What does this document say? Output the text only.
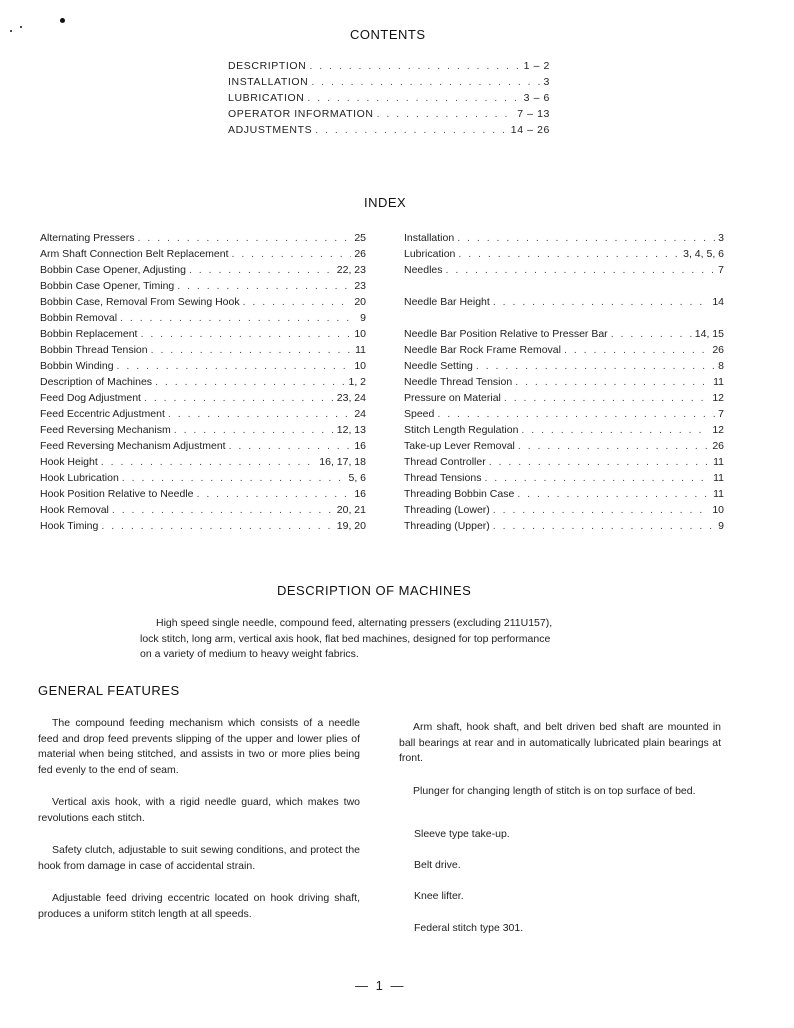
CONTENTS
DESCRIPTION . . .	1 – 2
INSTALLATION . . .	3
LUBRICATION . . .	3 – 6
OPERATOR INFORMATION . . .	7 – 13
ADJUSTMENTS . . .	14 – 26
INDEX
Alternating Pressers . . .	25
Arm Shaft Connection Belt Replacement . . .	26
Bobbin Case Opener, Adjusting . . .	22, 23
Bobbin Case Opener, Timing . . .	23
Bobbin Case, Removal From Sewing Hook . . .	20
Bobbin Removal . . .	9
Bobbin Replacement . . .	10
Bobbin Thread Tension . . .	11
Bobbin Winding . . .	10
Description of Machines . . .	1, 2
Feed Dog Adjustment . . .	23, 24
Feed Eccentric Adjustment . . .	24
Feed Reversing Mechanism . . .	12, 13
Feed Reversing Mechanism Adjustment . . .	16
Hook Height . . .	16, 17, 18
Hook Lubrication . . .	5, 6
Hook Position Relative to Needle . . .	16
Hook Removal . . .	20, 21
Hook Timing . . .	19, 20
Installation . . .	3
Lubrication . . .	3, 4, 5, 6
Needles . . .	7
Needle Bar Height . . .	14
Needle Bar Position Relative to Presser Bar . . .	14, 15
Needle Bar Rock Frame Removal . . .	26
Needle Setting . . .	8
Needle Thread Tension . . .	11
Pressure on Material . . .	12
Speed . . .	7
Stitch Length Regulation . . .	12
Take-up Lever Removal . . .	26
Thread Controller . . .	11
Thread Tensions . . .	11
Threading Bobbin Case . . .	11
Threading (Lower) . . .	10
Threading (Upper) . . .	9
DESCRIPTION OF MACHINES
High speed single needle, compound feed, alternating pressers (excluding 211U157),
lock stitch, long arm, vertical axis hook, flat bed machines, designed for top performance
on a variety of medium to heavy weight fabrics.
GENERAL FEATURES

The compound feeding mechanism which consists of a needle feed and drop feed prevents slipping of the upper and lower plies of material when being stitched, and assists in two or more plies being fed evenly to the end of seam.

Vertical axis hook, with a rigid needle guard, which makes two revolutions each stitch.

Safety clutch, adjustable to suit sewing conditions, and protect the hook from damage in case of accidental strain.

Adjustable feed driving eccentric located on hook driving shaft, produces a uniform stitch length at all speeds.

Arm shaft, hook shaft, and belt driven bed shaft are mounted in ball bearings at rear and in automatically lubricated plain bearings at front.

Plunger for changing length of stitch is on top surface of bed.

Sleeve type take-up.
Belt drive.
Knee lifter.
Federal stitch type 301.
— 1 —
